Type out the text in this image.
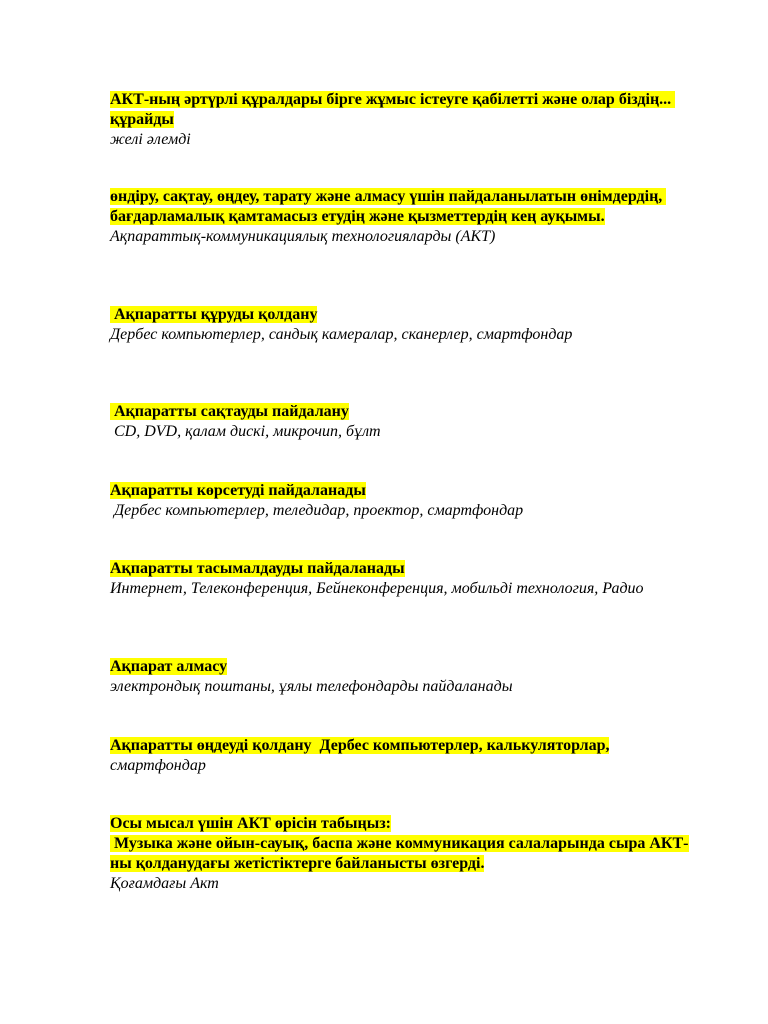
АКТ-ның әртүрлі құралдары бірге жұмыс істеуге қабілетті және олар біздің... құрайды
желі әлемді
өндіру, сақтау, өңдеу, тарату және алмасу үшін пайдаланылатын өнімдердің, бағдарламалық қамтамасыз етудің және қызметтердің кең ауқымы.
Ақпараттық-коммуникациялық технологияларды (АКТ)
Ақпаратты құруды қолдану
Дербес компьютерлер, сандық камералар, сканерлер, смартфондар
Ақпаратты сақтауды пайдалану
CD, DVD, қалам дискі, микрочип, бұлт
Ақпаратты көрсетуді пайдаланады
Дербес компьютерлер, теледидар, проектор, смартфондар
Ақпаратты тасымалдауды пайдаланады
Интернет, Телеконференция, Бейнеконференция, мобильді технология, Радио
Ақпарат алмасу
электрондық поштаны, ұялы телефондарды пайдаланады
Ақпаратты өңдеуді қолдану  Дербес компьютерлер, калькуляторлар,
смартфондар
Осы мысал үшін АКТ өрісін табыңыз:
Музыка және ойын-сауық, баспа және коммуникация салаларында сыра АКТ-ны қолданудағы жетістіктерге байланысты өзгерді.
Қоғамдағы Акт
